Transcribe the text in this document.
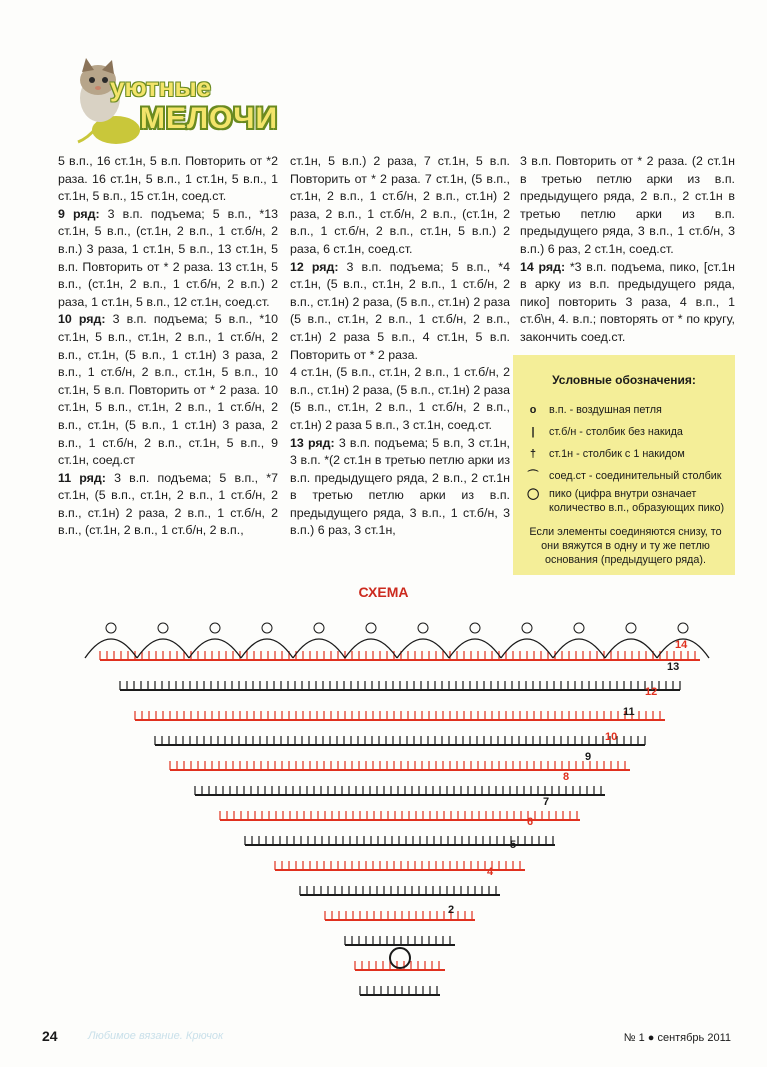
уютные
МЕЛОЧИ

5 в.п., 16 ст.1н, 5 в.п. Повторить от *2 раза. 16 ст.1н, 5 в.п., 1 ст.1н, 5 в.п., 1 ст.1н, 5 в.п., 15 ст.1н, соед.ст.

9 ряд: 3 в.п. подъема; 5 в.п., *13 ст.1н, 5 в.п., (ст.1н, 2 в.п., 1 ст.б/н, 2 в.п.) 3 раза, 1 ст.1н, 5 в.п., 13 ст.1н, 5 в.п. Повторить от * 2 раза. 13 ст.1н, 5 в.п., (ст.1н, 2 в.п., 1 ст.б/н, 2 в.п.) 2 раза, 1 ст.1н, 5 в.п., 12 ст.1н, соед.ст.

10 ряд: 3 в.п. подъема; 5 в.п., *10 ст.1н, 5 в.п., ст.1н, 2 в.п., 1 ст.б/н, 2 в.п., ст.1н, (5 в.п., 1 ст.1н) 3 раза, 2 в.п., 1 ст.б/н, 2 в.п., ст.1н, 5 в.п., 10 ст.1н, 5 в.п. Повторить от * 2 раза. 10 ст.1н, 5 в.п., ст.1н, 2 в.п., 1 ст.б/н, 2 в.п., ст.1н, (5 в.п., 1 ст.1н) 3 раза, 2 в.п., 1 ст.б/н, 2 в.п., ст.1н, 5 в.п., 9 ст.1н, соед.ст

11 ряд: 3 в.п. подъема; 5 в.п., *7 ст.1н, (5 в.п., ст.1н, 2 в.п., 1 ст.б/н, 2 в.п., ст.1н) 2 раза, 2 в.п., 1 ст.б/н, 2 в.п., (ст.1н, 2 в.п., 1 ст.б/н, 2 в.п.,

ст.1н, 5 в.п.) 2 раза, 7 ст.1н, 5 в.п. Повторить от * 2 раза. 7 ст.1н, (5 в.п., ст.1н, 2 в.п., 1 ст.б/н, 2 в.п., ст.1н) 2 раза, 2 в.п., 1 ст.б/н, 2 в.п., (ст.1н, 2 в.п., 1 ст.б/н, 2 в.п., ст.1н, 5 в.п.) 2 раза, 6 ст.1н, соед.ст.

12 ряд: 3 в.п. подъема; 5 в.п., *4 ст.1н, (5 в.п., ст.1н, 2 в.п., 1 ст.б/н, 2 в.п., ст.1н) 2 раза, (5 в.п., ст.1н) 2 раза (5 в.п., ст.1н, 2 в.п., 1 ст.б/н, 2 в.п., ст.1н) 2 раза 5 в.п., 4 ст.1н, 5 в.п. Повторить от * 2 раза.

4 ст.1н, (5 в.п., ст.1н, 2 в.п., 1 ст.б/н, 2 в.п., ст.1н) 2 раза, (5 в.п., ст.1н) 2 раза (5 в.п., ст.1н, 2 в.п., 1 ст.б/н, 2 в.п., ст.1н) 2 раза 5 в.п., 3 ст.1н, соед.ст.

13 ряд: 3 в.п. подъема; 5 в.п, 3 ст.1н, 3 в.п. *(2 ст.1н в третью петлю арки из в.п. предыдущего ряда, 2 в.п., 2 ст.1н в третью петлю арки из в.п. предыдущего ряда, 3 в.п., 1 ст.б/н, 3 в.п.) 6 раз, 3 ст.1н,

3 в.п. Повторить от * 2 раза. (2 ст.1н в третью петлю арки из в.п. предыдущего ряда, 2 в.п., 2 ст.1н в третью петлю арки из в.п. предыдущего ряда, 3 в.п., 1 ст.б/н, 3 в.п.) 6 раз, 2 ст.1н, соед.ст.

14 ряд: *3 в.п. подъема, пико, [ст.1н в арку из в.п. предыдущего ряда, пико] повторить 3 раза, 4 в.п., 1 ст.б\н, 4. в.п.; повторять от * по кругу, закончить соед.ст.

Условные обозначения:
o	в.п. - воздушная петля
|	ст.б/н - столбик без накида
†	ст.1н - столбик с 1 накидом
⌒ соед.ст - соединительный столбик
◯ пико (цифра внутри означает количество в.п., образующих пико)
Если элементы соединяются снизу, то они вяжутся в одну и ту же петлю основания (предыдущего ряда).
СХЕМА
2
4
5
6
7
8
9
10
11
12
13
14
24	Любимое вязание. Крючок	№ 1 ● сентябрь 2011
